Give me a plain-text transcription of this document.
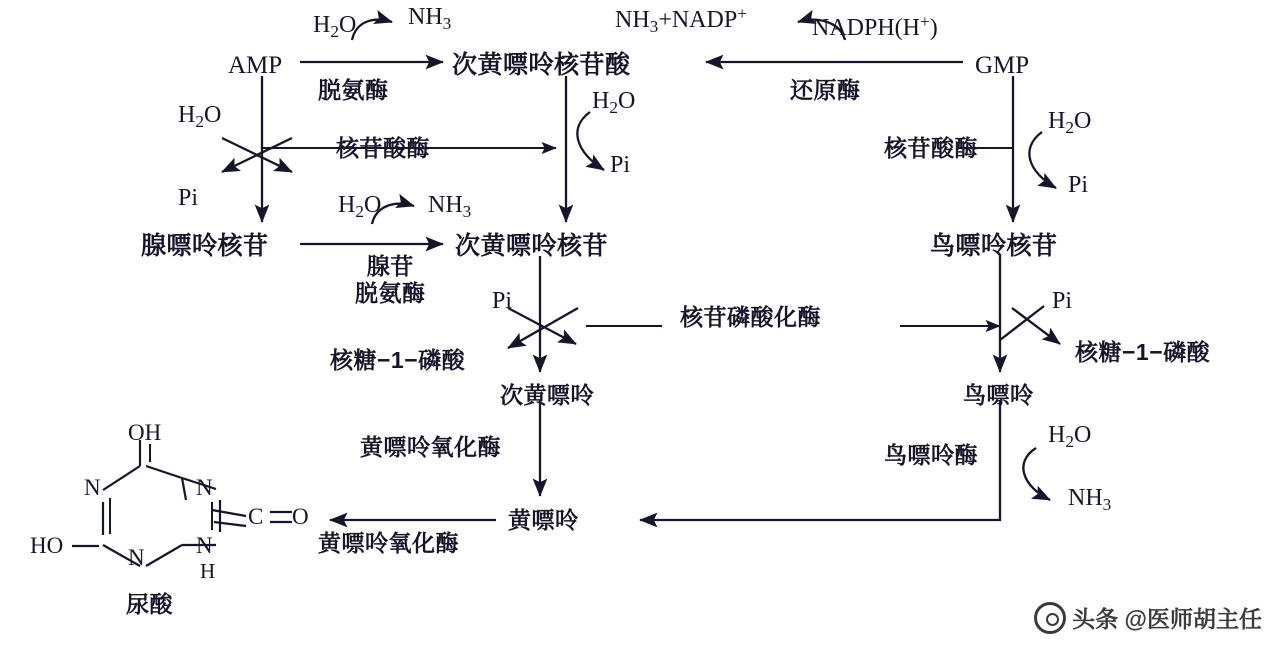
AMP	次黄嘌呤核苷酸	GMP
腺嘌呤核苷	次黄嘌呤核苷	鸟嘌呤核苷
次黄嘌呤	鸟嘌呤
黄嘌呤
尿酸
脱氨酶	还原酶
核苷酸酶	核苷酸酶
腺苷
脱氨酶
核苷磷酸化酶
鸟嘌呤酶
黄嘌呤氧化酶
黄嘌呤氧化酶
$H_2O$ $NH_3$	$NH_3+NADP^+$
NADPH(H+)
$H_2O$
Pi
$H_2O$
Pi
$H_2O$
Pi
$H_2O$ $NH_3$
Pi
核糖−1−磷酸
Pi
核糖−1−磷酸
$H_2O$
$NH_3$
OH
N
N
HO
N
N
H
C O
头条 @医师胡主任
